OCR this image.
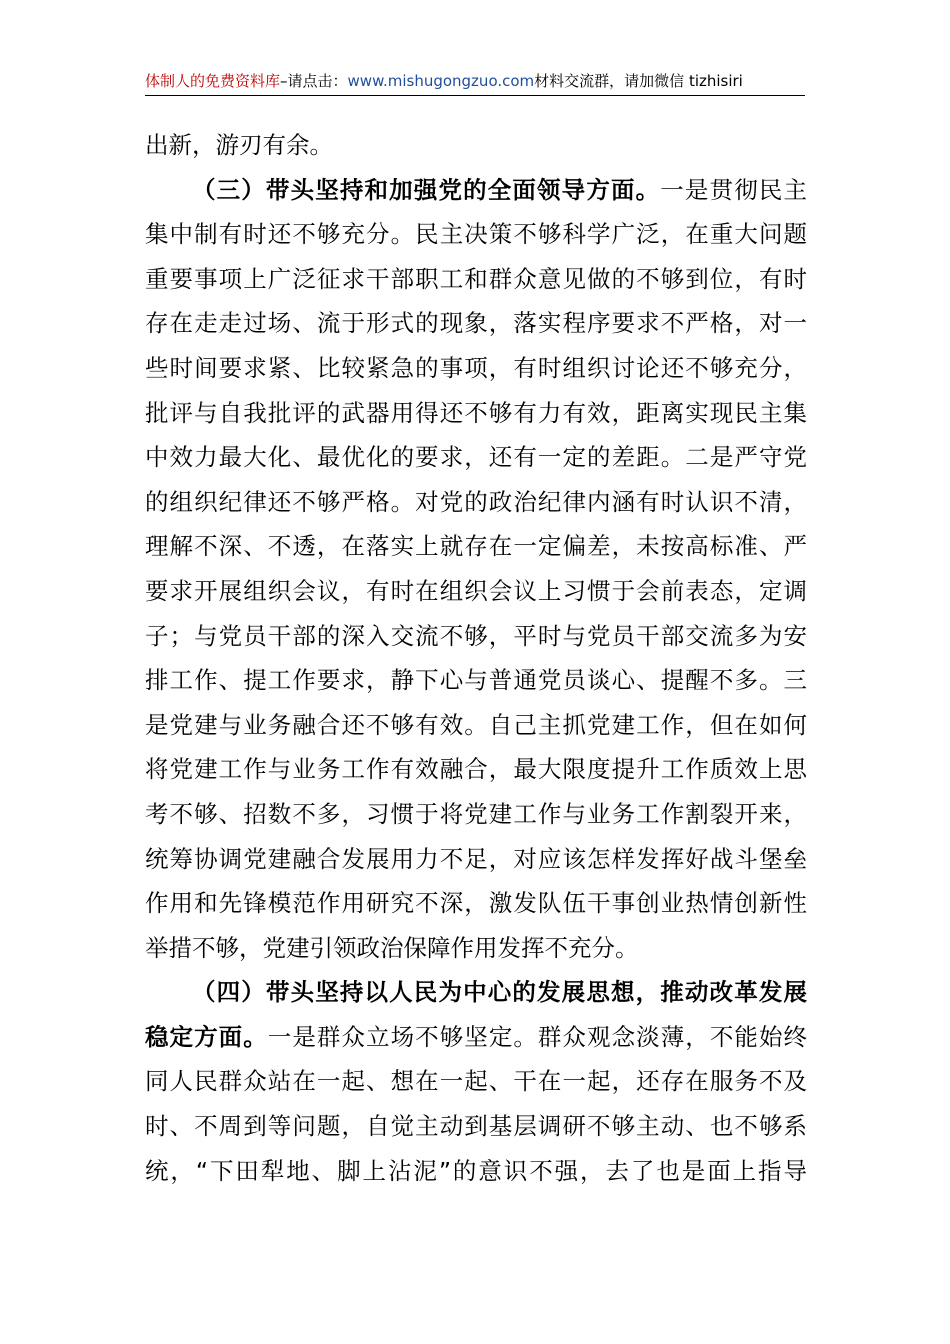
体制人的免费资料库–请点击：www.mishugongzuo.com材料交流群，请加微信 tizhisiri
出新，游刃有余。
（三）带头坚持和加强党的全面领导方面。一是贯彻民主
集中制有时还不够充分。民主决策不够科学广泛，在重大问题
重要事项上广泛征求干部职工和群众意见做的不够到位，有时
存在走走过场、流于形式的现象，落实程序要求不严格，对一
些时间要求紧、比较紧急的事项，有时组织讨论还不够充分，
批评与自我批评的武器用得还不够有力有效，距离实现民主集
中效力最大化、最优化的要求，还有一定的差距。二是严守党
的组织纪律还不够严格。对党的政治纪律内涵有时认识不清，
理解不深、不透，在落实上就存在一定偏差，未按高标准、严
要求开展组织会议，有时在组织会议上习惯于会前表态，定调
子；与党员干部的深入交流不够，平时与党员干部交流多为安
排工作、提工作要求，静下心与普通党员谈心、提醒不多。三
是党建与业务融合还不够有效。自己主抓党建工作，但在如何
将党建工作与业务工作有效融合，最大限度提升工作质效上思
考不够、招数不多，习惯于将党建工作与业务工作割裂开来，
统筹协调党建融合发展用力不足，对应该怎样发挥好战斗堡垒
作用和先锋模范作用研究不深，激发队伍干事创业热情创新性
举措不够，党建引领政治保障作用发挥不充分。
（四）带头坚持以人民为中心的发展思想，推动改革发展
稳定方面。一是群众立场不够坚定。群众观念淡薄，不能始终
同人民群众站在一起、想在一起、干在一起，还存在服务不及
时、不周到等问题，自觉主动到基层调研不够主动、也不够系
统，“下田犁地、脚上沾泥”的意识不强，去了也是面上指导
